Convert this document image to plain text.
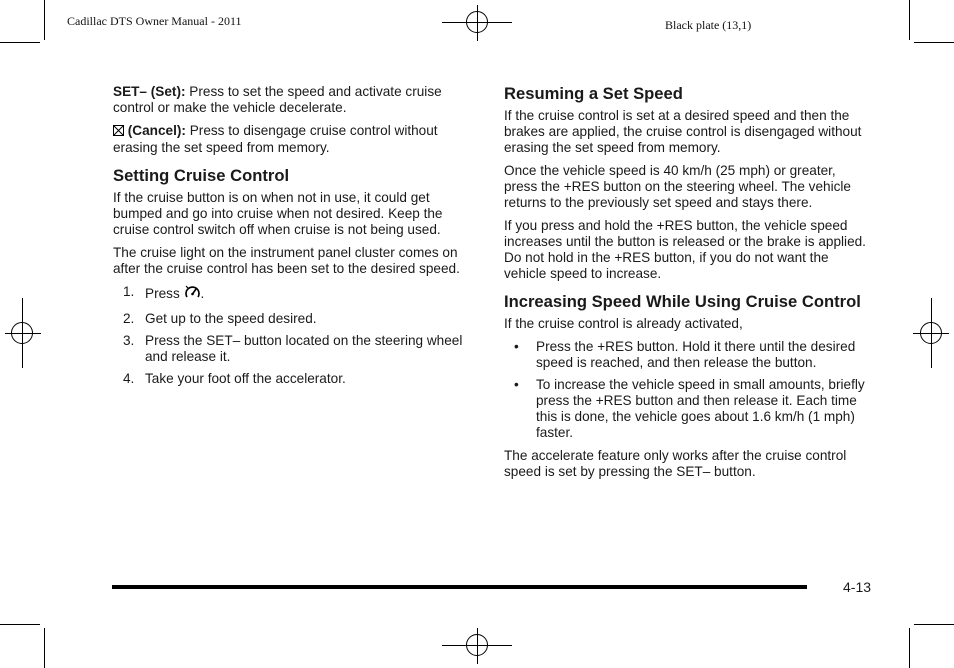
Cadillac DTS Owner Manual - 2011	Black plate (13,1)

SET– (Set): Press to set the speed and activate cruise control or make the vehicle decelerate.

(Cancel): Press to disengage cruise control without erasing the set speed from memory.

Setting Cruise Control

If the cruise button is on when not in use, it could get bumped and go into cruise when not desired. Keep the cruise control switch off when cruise is not being used.

The cruise light on the instrument panel cluster comes on after the cruise control has been set to the desired speed.

1. Press .
2. Get up to the speed desired.
3. Press the SET– button located on the steering wheel and release it.
4. Take your foot off the accelerator.
Resuming a Set Speed

If the cruise control is set at a desired speed and then the brakes are applied, the cruise control is disengaged without erasing the set speed from memory.

Once the vehicle speed is 40 km/h (25 mph) or greater, press the +RES button on the steering wheel. The vehicle returns to the previously set speed and stays there.

If you press and hold the +RES button, the vehicle speed increases until the button is released or the brake is applied. Do not hold in the +RES button, if you do not want the vehicle speed to increase.

Increasing Speed While Using Cruise Control

If the cruise control is already activated,

• Press the +RES button. Hold it there until the desired speed is reached, and then release the button.
• To increase the vehicle speed in small amounts, briefly press the +RES button and then release it. Each time this is done, the vehicle goes about 1.6 km/h (1 mph) faster.

The accelerate feature only works after the cruise control speed is set by pressing the SET– button.

4-13
